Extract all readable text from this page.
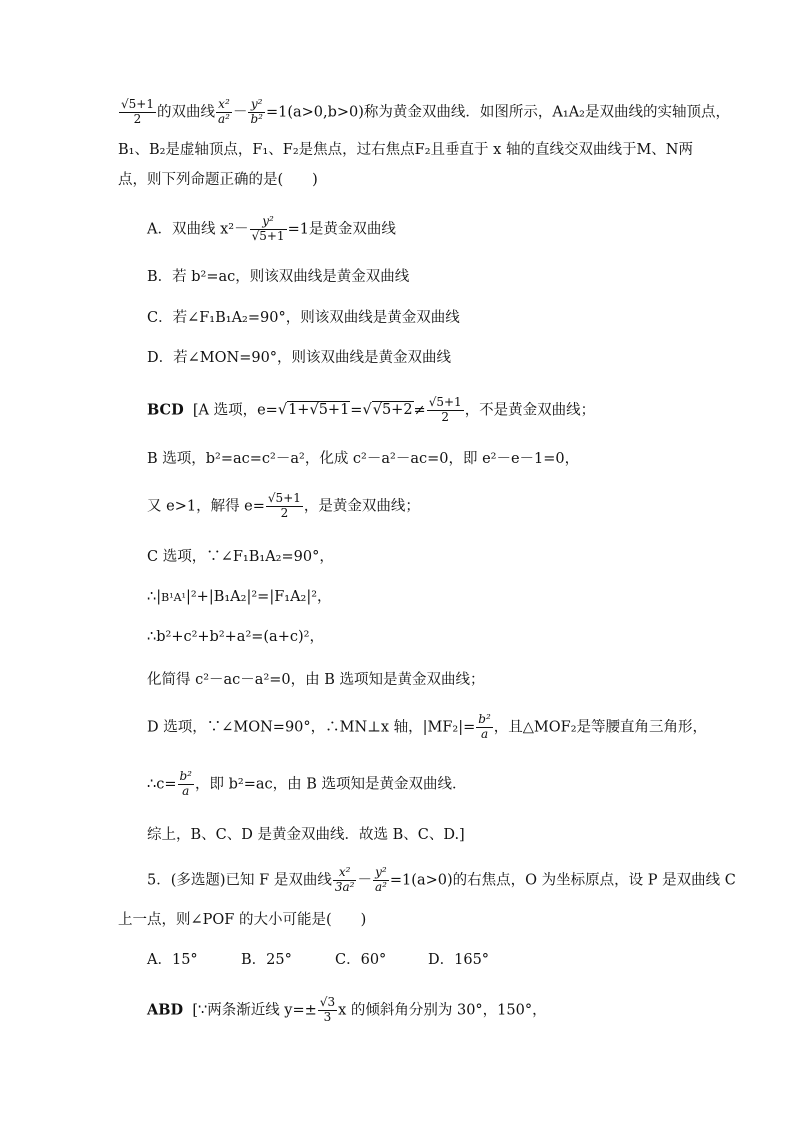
$\frac{√5+1}{2}$ 的双曲线 $\frac{\text{x²}}{\text{a²}} - \frac{\text{y²}}{\text{b²}} =1(a>0,b>0)$称为黄金双曲线．如图所示，A₁A₂是双曲线的实轴顶点，
B₁、B₂是虚轴顶点，F₁、F₂是焦点，过右焦点F₂且垂直于 x 轴的直线交双曲线于M、N两
点，则下列命题正确的是(　　)
A．双曲线 $x^2- \frac{\text{y²}}{√5+1} =1$是黄金双曲线
B．若 b²=ac，则该双曲线是黄金双曲线
C．若∠F₁B₁A₂=90°，则该双曲线是黄金双曲线
D．若∠MON=90°，则该双曲线是黄金双曲线
BCD [A 选项，$e=√1+√5+1=√√5+2\ne \frac{√5+1}{2}$ ，不是黄金双曲线；
B 选项，b²=ac=c²－a²，化成 c²－a²－ac=0，即 e²－e－1=0，
又 e>1，解得 $e= \frac{√5+1}{2}$ ，是黄金双曲线；
C 选项，∵∠F₁B₁A₂=90°，
∴|B¹A¹|²+|B₁A₂|²=|F₁A₂|²，
∴b²+c²+b²+a²=(a+c)²，
化简得 c²－ac－a²=0，由 B 选项知是黄金双曲线；
D 选项，∵∠MON=90°，∴MN⊥x 轴，$|MF_2|= \frac{\text{b²}}{a}$ ，且△MOF₂是等腰直角三角形，
∴c= $\frac{\text{b²}}{a}$ ，即 b²=ac，由 B 选项知是黄金双曲线．
综上，B、C、D 是黄金双曲线．故选 B、C、D.]
5．(多选题)已知 F 是双曲线 $\frac{\text{x²}}{\text{3a²}} - \frac{\text{y²}}{\text{a²}} =1(a>0)$的右焦点，O 为坐标原点，设 P 是双曲线 C
上一点，则∠POF 的大小可能是(　　)
A．15°	B．25°	C．60°	D．165°
ABD [∵两条渐近线 $y=\pm \frac{√3}{3}$ x 的倾斜角分别为 30°，150°，
